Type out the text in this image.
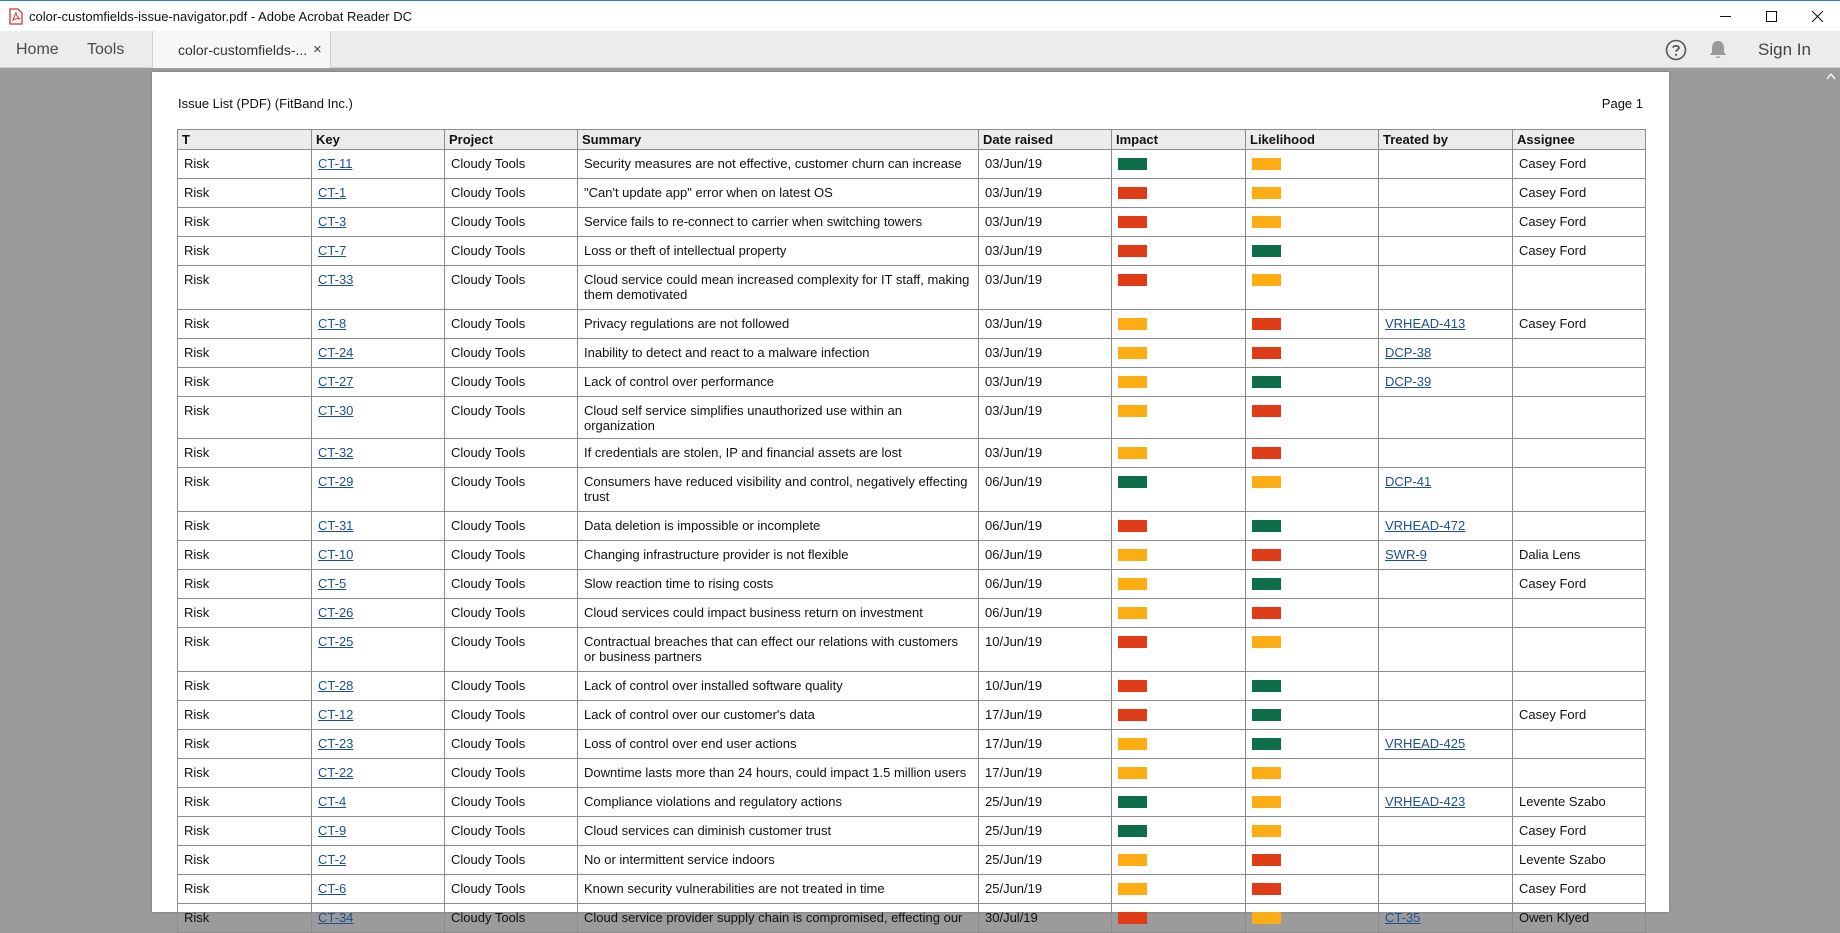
color-customfields-issue-navigator.pdf - Adobe Acrobat Reader DC
Home Tools	color-customfields-... ×	Sign In
Issue List (PDF) (FitBand Inc.)	Page 1
T	Key	Project	Summary	Date raised	Impact	Likelihood	Treated by	Assignee
Risk	CT-11	Cloudy Tools	Security measures are not effective, customer churn can increase	03/Jun/19				Casey Ford
Risk	CT-1	Cloudy Tools	"Can't update app" error when on latest OS	03/Jun/19				Casey Ford
Risk	CT-3	Cloudy Tools	Service fails to re-connect to carrier when switching towers	03/Jun/19				Casey Ford
Risk	CT-7	Cloudy Tools	Loss or theft of intellectual property	03/Jun/19				Casey Ford
Risk	CT-33	Cloudy Tools	Cloud service could mean increased complexity for IT staff, making them demotivated	03/Jun/19				
Risk	CT-8	Cloudy Tools	Privacy regulations are not followed	03/Jun/19			VRHEAD-413	Casey Ford
Risk	CT-24	Cloudy Tools	Inability to detect and react to a malware infection	03/Jun/19			DCP-38	
Risk	CT-27	Cloudy Tools	Lack of control over performance	03/Jun/19			DCP-39	
Risk	CT-30	Cloudy Tools	Cloud self service simplifies unauthorized use within an organization	03/Jun/19				
Risk	CT-32	Cloudy Tools	If credentials are stolen, IP and financial assets are lost	03/Jun/19				
Risk	CT-29	Cloudy Tools	Consumers have reduced visibility and control, negatively effecting trust	06/Jun/19			DCP-41	
Risk	CT-31	Cloudy Tools	Data deletion is impossible or incomplete	06/Jun/19			VRHEAD-472	
Risk	CT-10	Cloudy Tools	Changing infrastructure provider is not flexible	06/Jun/19			SWR-9	Dalia Lens
Risk	CT-5	Cloudy Tools	Slow reaction time to rising costs	06/Jun/19				Casey Ford
Risk	CT-26	Cloudy Tools	Cloud services could impact business return on investment	06/Jun/19				
Risk	CT-25	Cloudy Tools	Contractual breaches that can effect our relations with customers or business partners	10/Jun/19				
Risk	CT-28	Cloudy Tools	Lack of control over installed software quality	10/Jun/19				
Risk	CT-12	Cloudy Tools	Lack of control over our customer's data	17/Jun/19				Casey Ford
Risk	CT-23	Cloudy Tools	Loss of control over end user actions	17/Jun/19			VRHEAD-425	
Risk	CT-22	Cloudy Tools	Downtime lasts more than 24 hours, could impact 1.5 million users	17/Jun/19				
Risk	CT-4	Cloudy Tools	Compliance violations and regulatory actions	25/Jun/19			VRHEAD-423	Levente Szabo
Risk	CT-9	Cloudy Tools	Cloud services can diminish customer trust	25/Jun/19				Casey Ford
Risk	CT-2	Cloudy Tools	No or intermittent service indoors	25/Jun/19				Levente Szabo
Risk	CT-6	Cloudy Tools	Known security vulnerabilities are not treated in time	25/Jun/19				Casey Ford
Risk	CT-34	Cloudy Tools	Cloud service provider supply chain is compromised, effecting our	30/Jul/19			CT-35	Owen Klyed
